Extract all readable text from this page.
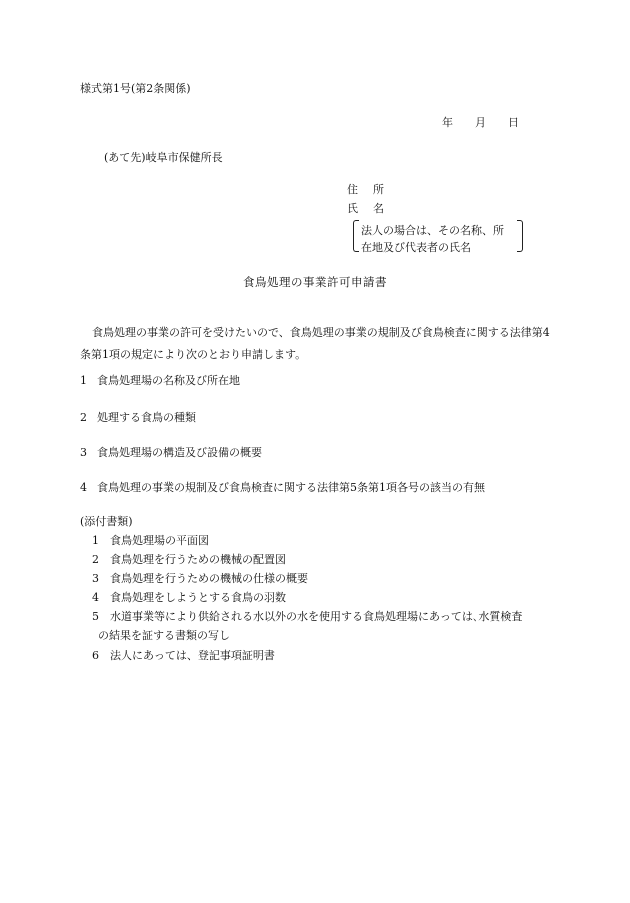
様式第1号(第2条関係)
年 月 日
(あて先)岐阜市保健所長
住 所
氏 名
法人の場合は、その名称、所
在地及び代表者の氏名
食鳥処理の事業許可申請書
食鳥処理の事業の許可を受けたいので、食鳥処理の事業の規制及び食鳥検査に関する法律第4条第1項の規定により次のとおり申請します。
1 食鳥処理場の名称及び所在地
2 処理する食鳥の種類
3 食鳥処理場の構造及び設備の概要
4 食鳥処理の事業の規制及び食鳥検査に関する法律第5条第1項各号の該当の有無
(添付書類)
1 食鳥処理場の平面図
2 食鳥処理を行うための機械の配置図
3 食鳥処理を行うための機械の仕様の概要
4 食鳥処理をしようとする食鳥の羽数
5 水道事業等により供給される水以外の水を使用する食鳥処理場にあっては､水質検査
の結果を証する書類の写し
6 法人にあっては、登記事項証明書
